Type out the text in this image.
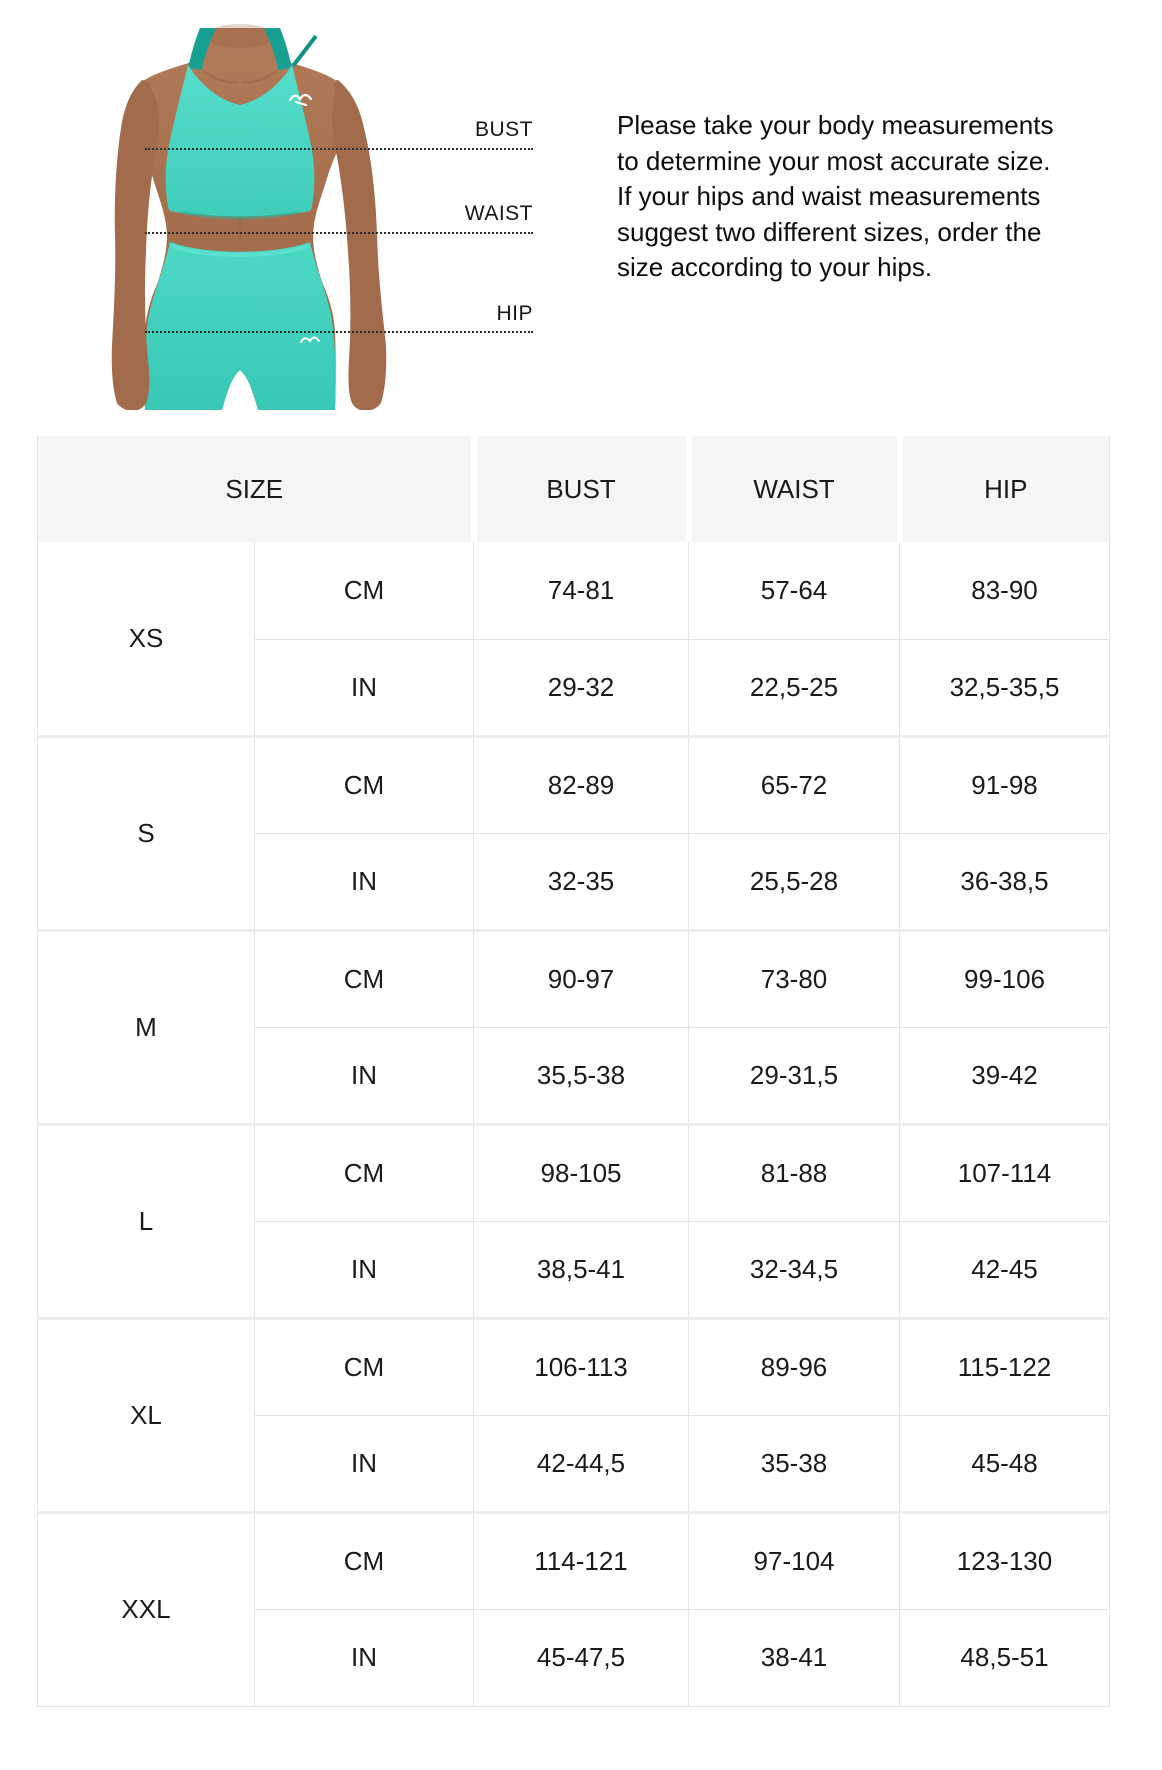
BUST
WAIST
HIP
Please take your body measurements
to determine your most accurate size.
If your hips and waist measurements
suggest two different sizes, order the
size according to your hips.
SIZE		BUST	WAIST	HIP
XS	CM	74-81	57-64	83-90
	IN	29-32	22,5-25	32,5-35,5
S	CM	82-89	65-72	91-98
	IN	32-35	25,5-28	36-38,5
M	CM	90-97	73-80	99-106
	IN	35,5-38	29-31,5	39-42
L	CM	98-105	81-88	107-114
	IN	38,5-41	32-34,5	42-45
XL	CM	106-113	89-96	115-122
	IN	42-44,5	35-38	45-48
XXL	CM	114-121	97-104	123-130
	IN	45-47,5	38-41	48,5-51
